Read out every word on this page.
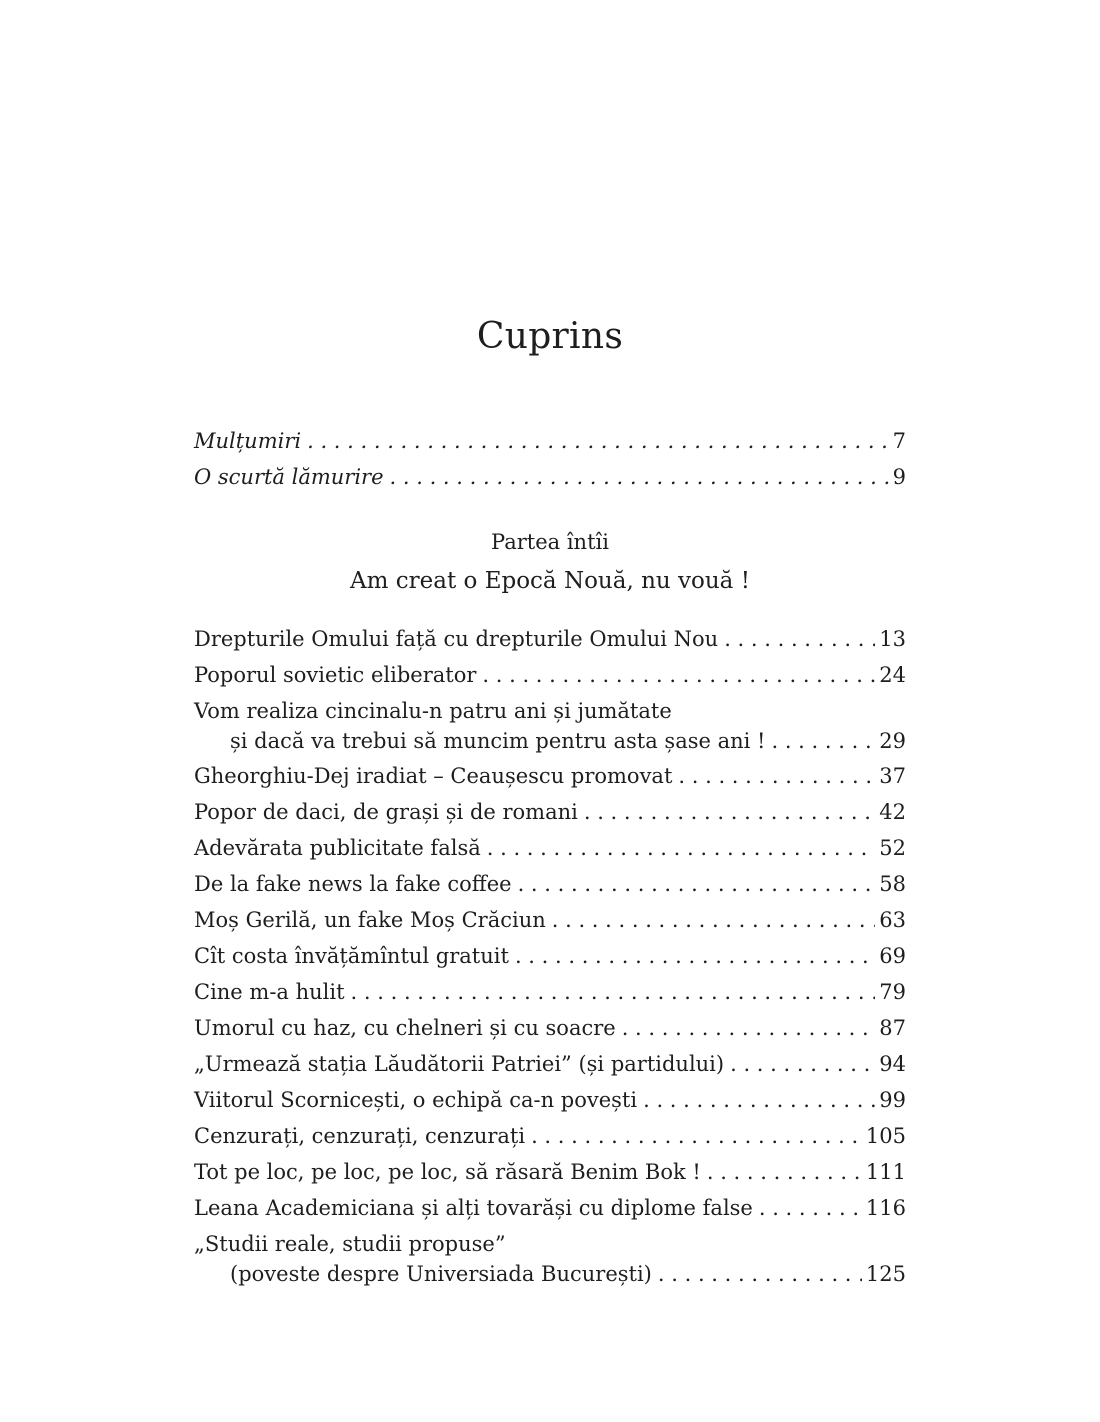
Cuprins
Mulțumiri . . .	7
O scurtă lămurire . . .	9
Partea întîi
Am creat o Epocă Nouă, nu vouă !
Drepturile Omului față cu drepturile Omului Nou . . .	13
Poporul sovietic eliberator . . .	24
Vom realiza cincinalu-n patru ani și jumătate
și dacă va trebui să muncim pentru asta șase ani ! . . .	29
Gheorghiu-Dej iradiat – Ceaușescu promovat . . .	37
Popor de daci, de grași și de romani . . .	42
Adevărata publicitate falsă . . .	52
De la fake news la fake coffee . . .	58
Moș Gerilă, un fake Moș Crăciun . . .	63
Cît costa învățămîntul gratuit . . .	69
Cine m-a hulit . . .	79
Umorul cu haz, cu chelneri și cu soacre . . .	87
„Urmează stația Lăudătorii Patriei” (și partidului) . . .	94
Viitorul Scornicești, o echipă ca-n povești . . .	99
Cenzurați, cenzurați, cenzurați . . .	105
Tot pe loc, pe loc, pe loc, să răsară Benim Bok ! . . .	111
Leana Academiciana și alți tovarăși cu diplome false . . .	116
„Studii reale, studii propuse”
(poveste despre Universiada București) . . .	125
